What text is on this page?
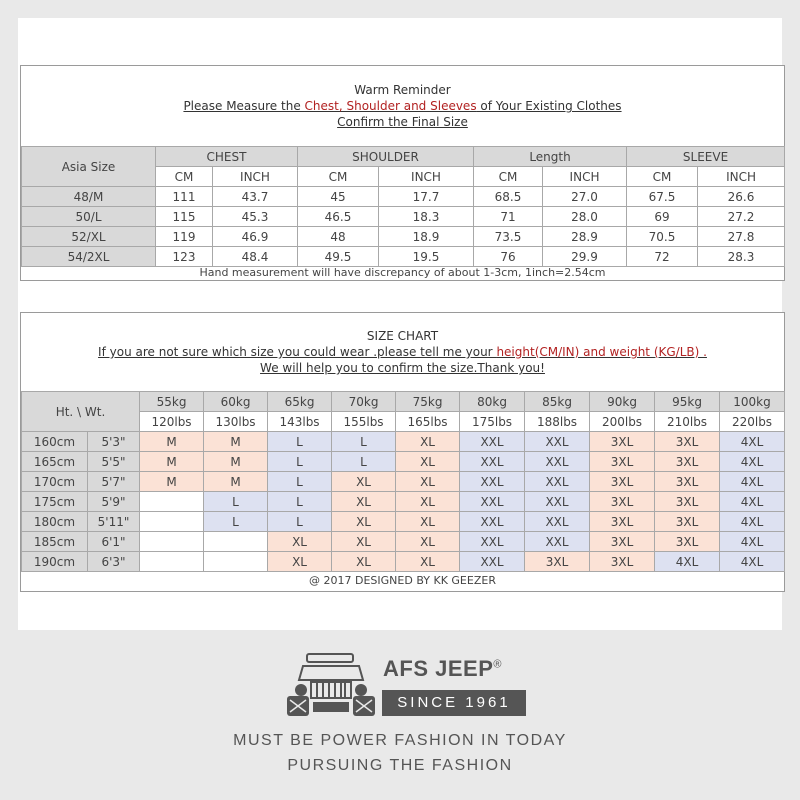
Warm Reminder
Please Measure the Chest, Shoulder and Sleeves of Your Existing Clothes
Confirm the Final Size
Asia Size	CHEST		SHOULDER		Length		SLEEVE	
	CM	INCH	CM	INCH	CM	INCH	CM	INCH
48/M	111	43.7	45	17.7	68.5	27.0	67.5	26.6
50/L	115	45.3	46.5	18.3	71	28.0	69	27.2
52/XL	119	46.9	48	18.9	73.5	28.9	70.5	27.8
54/2XL	123	48.4	49.5	19.5	76	29.9	72	28.3
Hand measurement will have discrepancy of about 1-3cm, 1inch=2.54cm
SIZE CHART
If you are not sure which size you could wear .please tell me your height(CM/IN) and weight (KG/LB) .
We will help you to confirm the size.Thank you!
Ht. \ Wt.		55kg	60kg	65kg	70kg	75kg	80kg	85kg	90kg	95kg	100kg
		120lbs	130lbs	143lbs	155lbs	165lbs	175lbs	188lbs	200lbs	210lbs	220lbs
160cm	5'3"	M	M	L	L	XL	XXL	XXL	3XL	3XL	4XL
165cm	5'5"	M	M	L	L	XL	XXL	XXL	3XL	3XL	4XL
170cm	5'7"	M	M	L	XL	XL	XXL	XXL	3XL	3XL	4XL
175cm	5'9"		L	L	XL	XL	XXL	XXL	3XL	3XL	4XL
180cm	5'11"		L	L	XL	XL	XXL	XXL	3XL	3XL	4XL
185cm	6'1"			XL	XL	XL	XXL	XXL	3XL	3XL	4XL
190cm	6'3"			XL	XL	XL	XXL	3XL	3XL	4XL	4XL
@ 2017 DESIGNED BY KK GEEZER
AFS JEEP®
SINCE 1961
MUST BE POWER FASHION IN TODAY
PURSUING THE FASHION
